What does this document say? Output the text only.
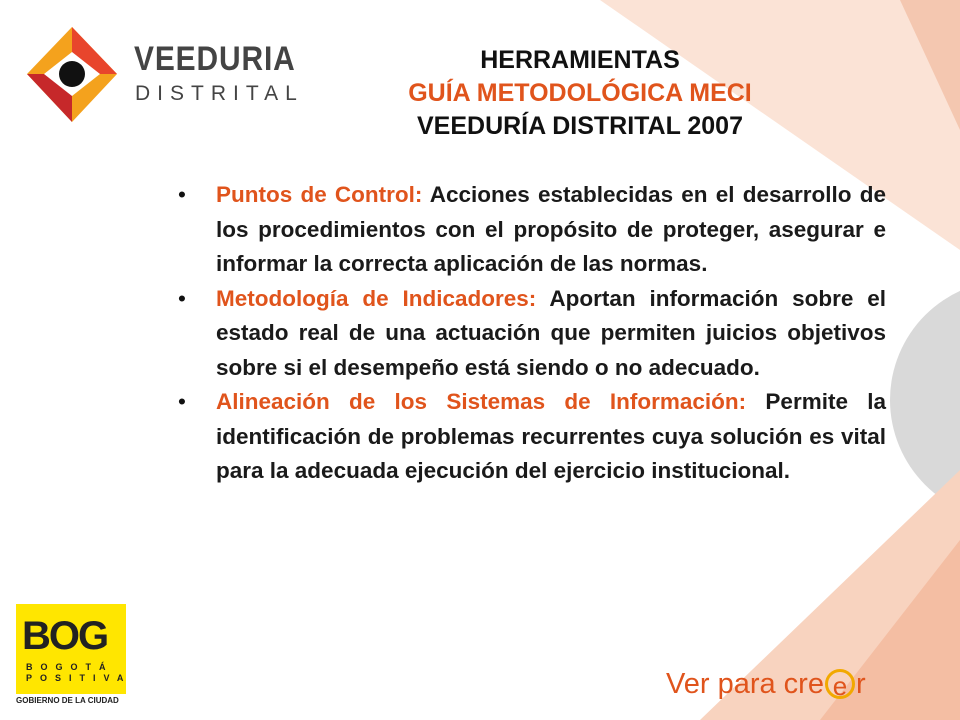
VEEDURIA
DISTRITAL
HERRAMIENTAS
GUÍA METODOLÓGICA MECI
VEEDURÍA DISTRITAL 2007
• Puntos de Control: Acciones establecidas en el desarrollo de los procedimientos con el propósito de proteger, asegurar e informar la correcta aplicación de las normas.
• Metodología de Indicadores: Aportan información sobre el estado real de una actuación que permiten juicios objetivos sobre si el desempeño está siendo o no adecuado.
• Alineación de los Sistemas de Información: Permite la identificación de problemas recurrentes cuya solución es vital para la adecuada ejecución del ejercicio institucional.
BOG
BOGOTÁ POSITIVA
GOBIERNO DE LA CIUDAD
Ver para cre e r
